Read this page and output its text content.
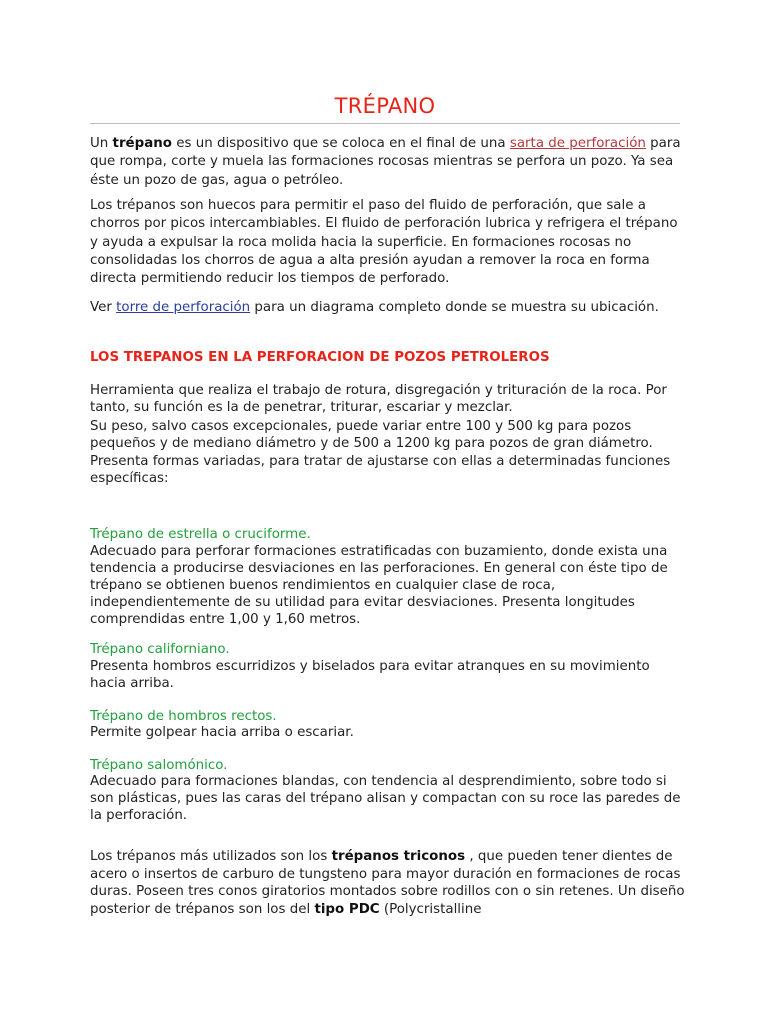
TRÉPANO

Un trépano es un dispositivo que se coloca en el final de una sarta de perforación para que rompa, corte y muela las formaciones rocosas mientras se perfora un pozo. Ya sea éste un pozo de gas, agua o petróleo.

Los trépanos son huecos para permitir el paso del fluido de perforación, que sale a chorros por picos intercambiables. El fluido de perforación lubrica y refrigera el trépano y ayuda a expulsar la roca molida hacia la superficie. En formaciones rocosas no consolidadas los chorros de agua a alta presión ayudan a remover la roca en forma directa permitiendo reducir los tiempos de perforado.

Ver torre de perforación para un diagrama completo donde se muestra su ubicación.

LOS TREPANOS EN LA PERFORACION DE POZOS PETROLEROS

Herramienta que realiza el trabajo de rotura, disgregación y trituración de la roca. Por tanto, su función es la de penetrar, triturar, escariar y mezclar.

Su peso, salvo casos excepcionales, puede variar entre 100 y 500 kg para pozos pequeños y de mediano diámetro y de 500 a 1200 kg para pozos de gran diámetro. Presenta formas variadas, para tratar de ajustarse con ellas a determinadas funciones específicas:

Trépano de estrella o cruciforme.

Adecuado para perforar formaciones estratificadas con buzamiento, donde exista una tendencia a producirse desviaciones en las perforaciones. En general con éste tipo de trépano se obtienen buenos rendimientos en cualquier clase de roca, independientemente de su utilidad para evitar desviaciones. Presenta longitudes comprendidas entre 1,00 y 1,60 metros.

Trépano californiano.

Presenta hombros escurridizos y biselados para evitar atranques en su movimiento hacia arriba.

Trépano de hombros rectos.

Permite golpear hacia arriba o escariar.

Trépano salomónico.

Adecuado para formaciones blandas, con tendencia al desprendimiento, sobre todo si son plásticas, pues las caras del trépano alisan y compactan con su roce las paredes de la perforación.

Los trépanos más utilizados son los trépanos triconos , que pueden tener dientes de acero o insertos de carburo de tungsteno para mayor duración en formaciones de rocas duras. Poseen tres conos giratorios montados sobre rodillos con o sin retenes. Un diseño posterior de trépanos son los del tipo PDC (Polycristalline
